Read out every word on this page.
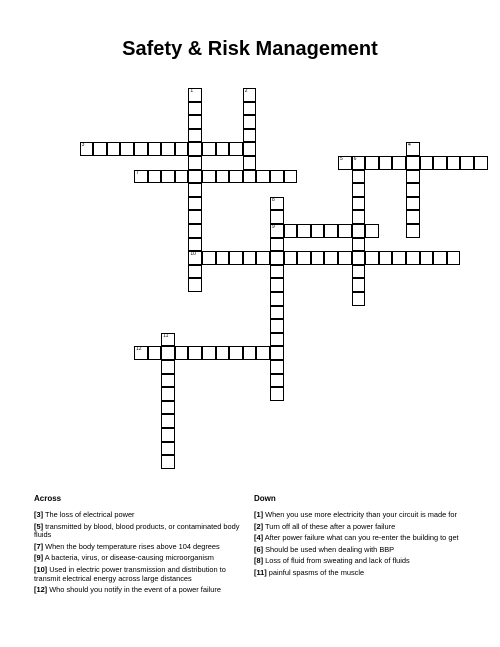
Safety & Risk Management
1
10
2
3	4
5 6
7
8
9
11
12
Across
[3] The loss of electrical power
[5] transmitted by blood, blood products, or contaminated body fluids
[7] When the body temperature rises above 104 degrees
[9] A bacteria, virus, or disease-causing microorganism
[10] Used in electric power transmission and distribution to transmit electrical energy across large distances
[12] Who should you notify in the event of a power failure
Down
[1] When you use more electricity than your circuit is made for
[2] Turn off all of these after a power failure
[4] After power failure what can you re-enter the building to get
[6] Should be used when dealing with BBP
[8] Loss of fluid from sweating and lack of fluids
[11] painful spasms of the muscle
